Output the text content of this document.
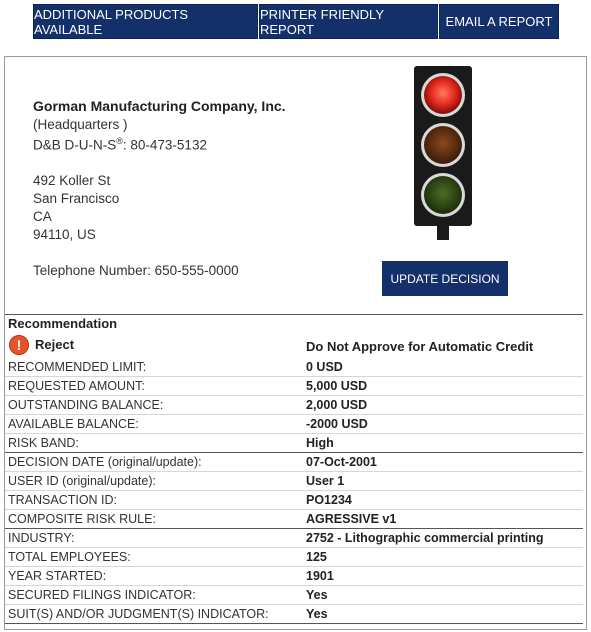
ADDITIONAL PRODUCTS AVAILABLE
PRINTER FRIENDLY REPORT	EMAIL A REPORT
Gorman Manufacturing Company, Inc.
(Headquarters )
D&B D-U-N-S®: 80-473-5132
492 Koller St
San Francisco
CA
94110, US
Telephone Number: 650-555-0000
UPDATE DECISION
Recommendation
!	Reject	Do Not Approve for Automatic Credit
RECOMMENDED LIMIT:	0 USD
REQUESTED AMOUNT:	5,000 USD
OUTSTANDING BALANCE:	2,000 USD
AVAILABLE BALANCE:	-2000 USD
RISK BAND:	High
DECISION DATE (original/update):	07-Oct-2001
USER ID (original/update):	User 1
TRANSACTION ID:	PO1234
COMPOSITE RISK RULE:	AGRESSIVE v1
INDUSTRY:	2752 - Lithographic commercial printing
TOTAL EMPLOYEES:	125
YEAR STARTED:	1901
SECURED FILINGS INDICATOR:	Yes
SUIT(S) AND/OR JUDGMENT(S) INDICATOR:	Yes
